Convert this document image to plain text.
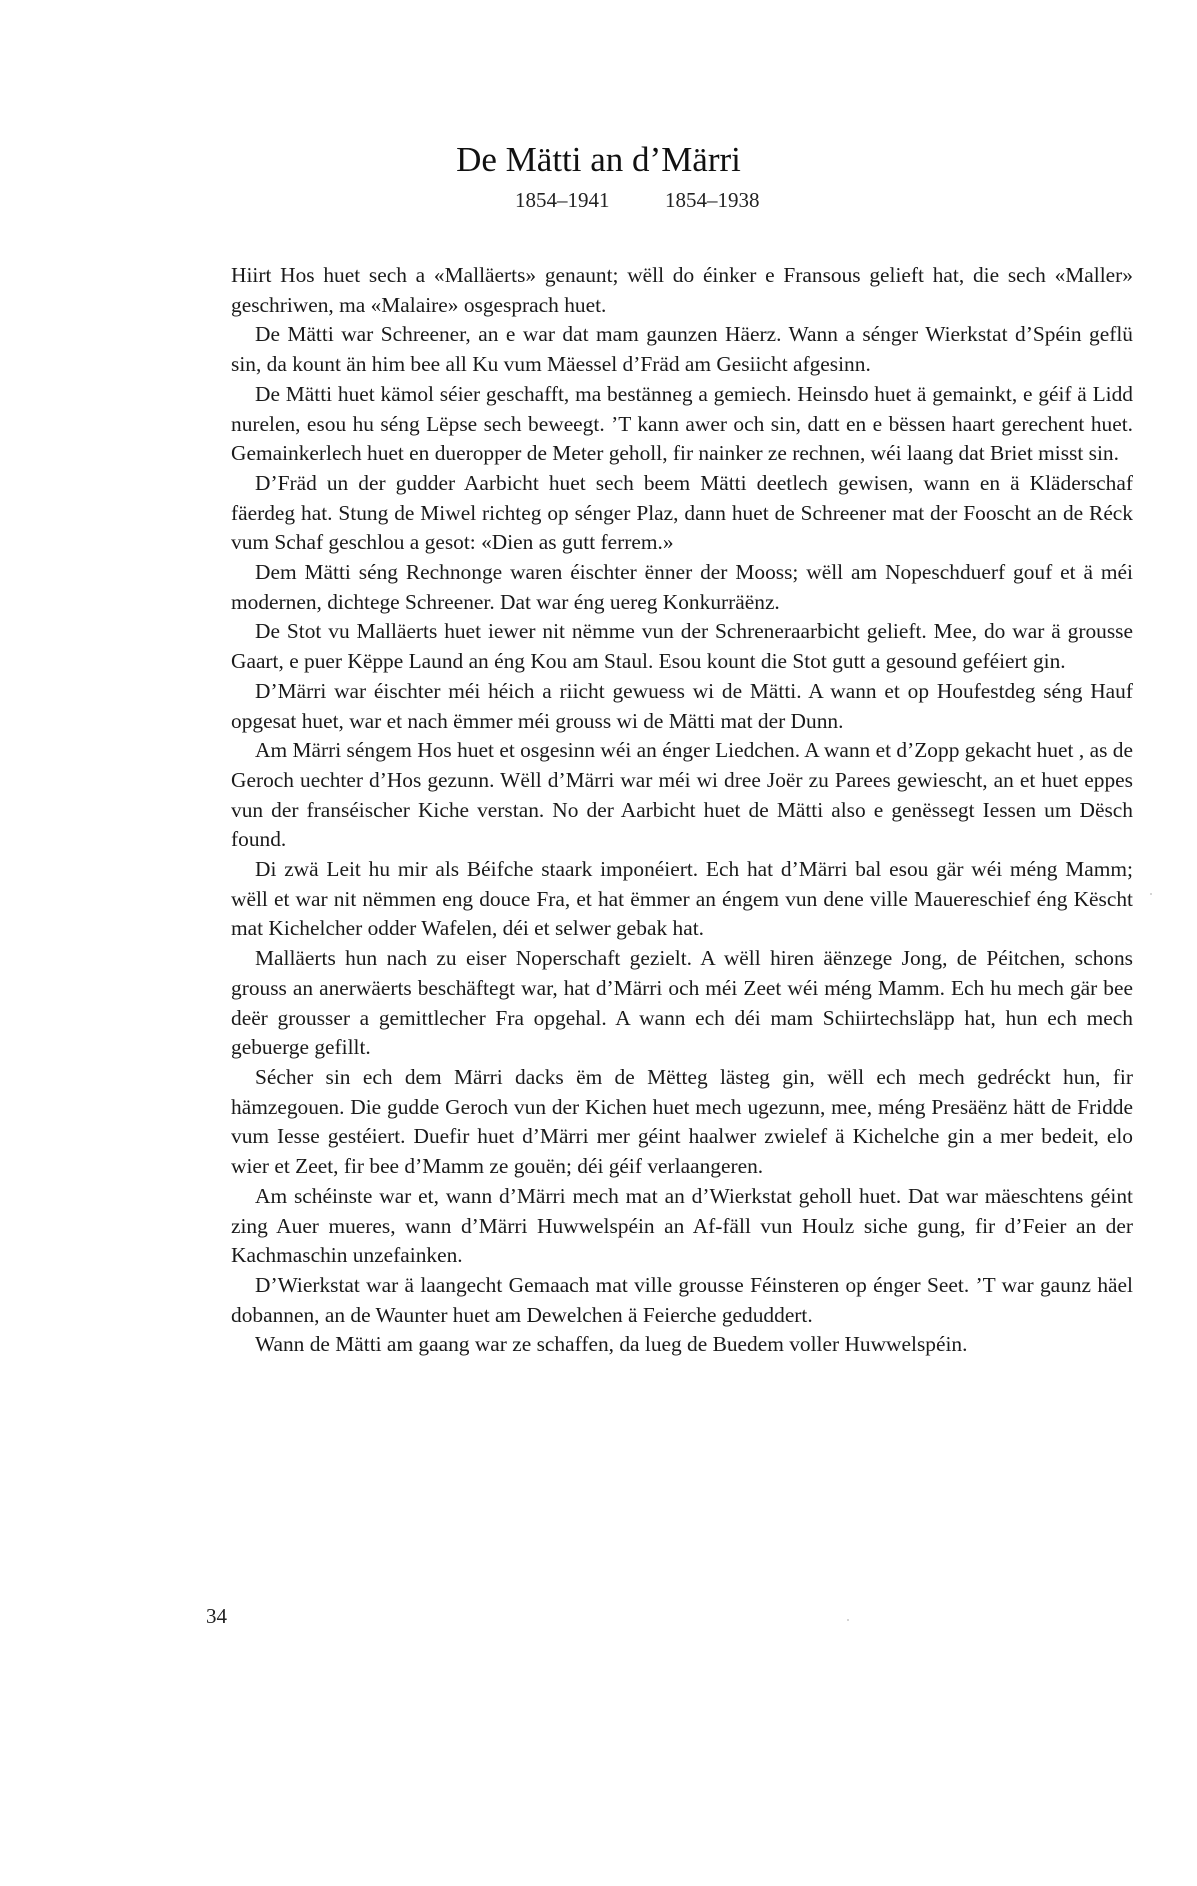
De Mätti an d’Märri
1854–1941	1854–1938

Hiirt Hos huet sech a «Malläerts» genaunt; wëll do éinker e Fransous gelieft hat, die sech «Maller» geschriwen, ma «Malaire» osgesprach huet.

De Mätti war Schreener, an e war dat mam gaunzen Häerz. Wann a sénger Wierkstat d’Spéin geflü sin, da kount än him bee all Ku vum Mäessel d’Fräd am Gesiicht afgesinn.

De Mätti huet kämol séier geschafft, ma bestänneg a gemiech. Heinsdo huet ä gemainkt, e géif ä Lidd nurelen, esou hu séng Lëpse sech beweegt. ’T kann awer och sin, datt en e bëssen haart gerechent huet. Gemainkerlech huet en dueropper de Meter geholl, fir nainker ze rechnen, wéi laang dat Briet misst sin.

D’Fräd un der gudder Aarbicht huet sech beem Mätti deetlech gewisen, wann en ä Kläderschaf fäerdeg hat. Stung de Miwel richteg op sénger Plaz, dann huet de Schreener mat der Fooscht an de Réck vum Schaf geschlou a gesot: «Dien as gutt ferrem.»

Dem Mätti séng Rechnonge waren éischter ënner der Mooss; wëll am Nopeschduerf gouf et ä méi modernen, dichtege Schreener. Dat war éng uereg Konkurräënz.

De Stot vu Malläerts huet iewer nit nëmme vun der Schreneraarbicht gelieft. Mee, do war ä grousse Gaart, e puer Këppe Laund an éng Kou am Staul. Esou kount die Stot gutt a gesound geféiert gin.

D’Märri war éischter méi héich a riicht gewuess wi de Mätti. A wann et op Houfestdeg séng Hauf opgesat huet, war et nach ëmmer méi grouss wi de Mätti mat der Dunn.

Am Märri séngem Hos huet et osgesinn wéi an énger Liedchen. A wann et d’Zopp gekacht huet , as de Geroch uechter d’Hos gezunn. Wëll d’Märri war méi wi dree Joër zu Parees gewiescht, an et huet eppes vun der franséischer Kiche verstan. No der Aarbicht huet de Mätti also e genëssegt Iessen um Dësch found.

Di zwä Leit hu mir als Béifche staark imponéiert. Ech hat d’Märri bal esou gär wéi méng Mamm; wëll et war nit nëmmen eng douce Fra, et hat ëmmer an éngem vun dene ville Mauereschief éng Këscht mat Kichelcher odder Wafelen, déi et selwer gebak hat.

Malläerts hun nach zu eiser Noperschaft gezielt. A wëll hiren äënzege Jong, de Péitchen, schons grouss an anerwäerts beschäftegt war, hat d’Märri och méi Zeet wéi méng Mamm. Ech hu mech gär bee deër grousser a gemittlecher Fra opgehal. A wann ech déi mam Schiirtechsläpp hat, hun ech mech gebuerge gefillt.

Sécher sin ech dem Märri dacks ëm de Mëtteg lästeg gin, wëll ech mech gedréckt hun, fir hämzegouen. Die gudde Geroch vun der Kichen huet mech ugezunn, mee, méng Presäënz hätt de Fridde vum Iesse gestéiert. Duefir huet d’Märri mer géint haalwer zwielef ä Kichelche gin a mer bedeit, elo wier et Zeet, fir bee d’Mamm ze gouën; déi géif verlaangeren.

Am schéinste war et, wann d’Märri mech mat an d’Wierkstat geholl huet. Dat war mäeschtens géint zing Auer mueres, wann d’Märri Huwwelspéin an Af-fäll vun Houlz siche gung, fir d’Feier an der Kachmaschin unzefainken.

D’Wierkstat war ä laangecht Gemaach mat ville grousse Féinsteren op énger Seet. ’T war gaunz häel dobannen, an de Waunter huet am Dewelchen ä Feierche geduddert.

Wann de Mätti am gaang war ze schaffen, da lueg de Buedem voller Huwwelspéin.

34
